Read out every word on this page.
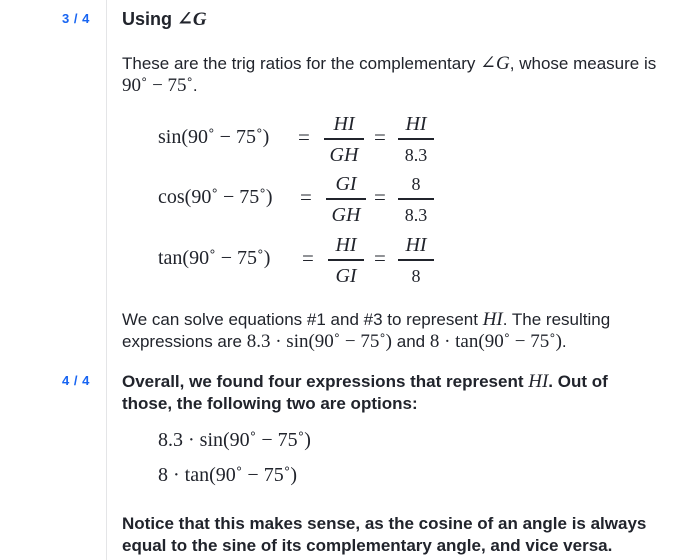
3 / 4 Using ∠G
These are the trig ratios for the complementary ∠G, whose measure is 90˚ − 75˚.
sin(90˚ − 75˚) =
HI
GH
=
HI
8.3
cos(90˚ − 75˚) =
GI
GH
=
8
8.3
tan(90˚ − 75˚) =
HI
GI
=
HI
8
We can solve equations #1 and #3 to represent HI. The resulting expressions are 8.3 · sin(90˚ − 75˚) and 8 · tan(90˚ − 75˚).
4 / 4 Overall, we found four expressions that represent HI. Out of those, the following two are options:
8.3 · sin(90˚ − 75˚)
8 · tan(90˚ − 75˚)
Notice that this makes sense, as the cosine of an angle is always equal to the sine of its complementary angle, and vice versa.
